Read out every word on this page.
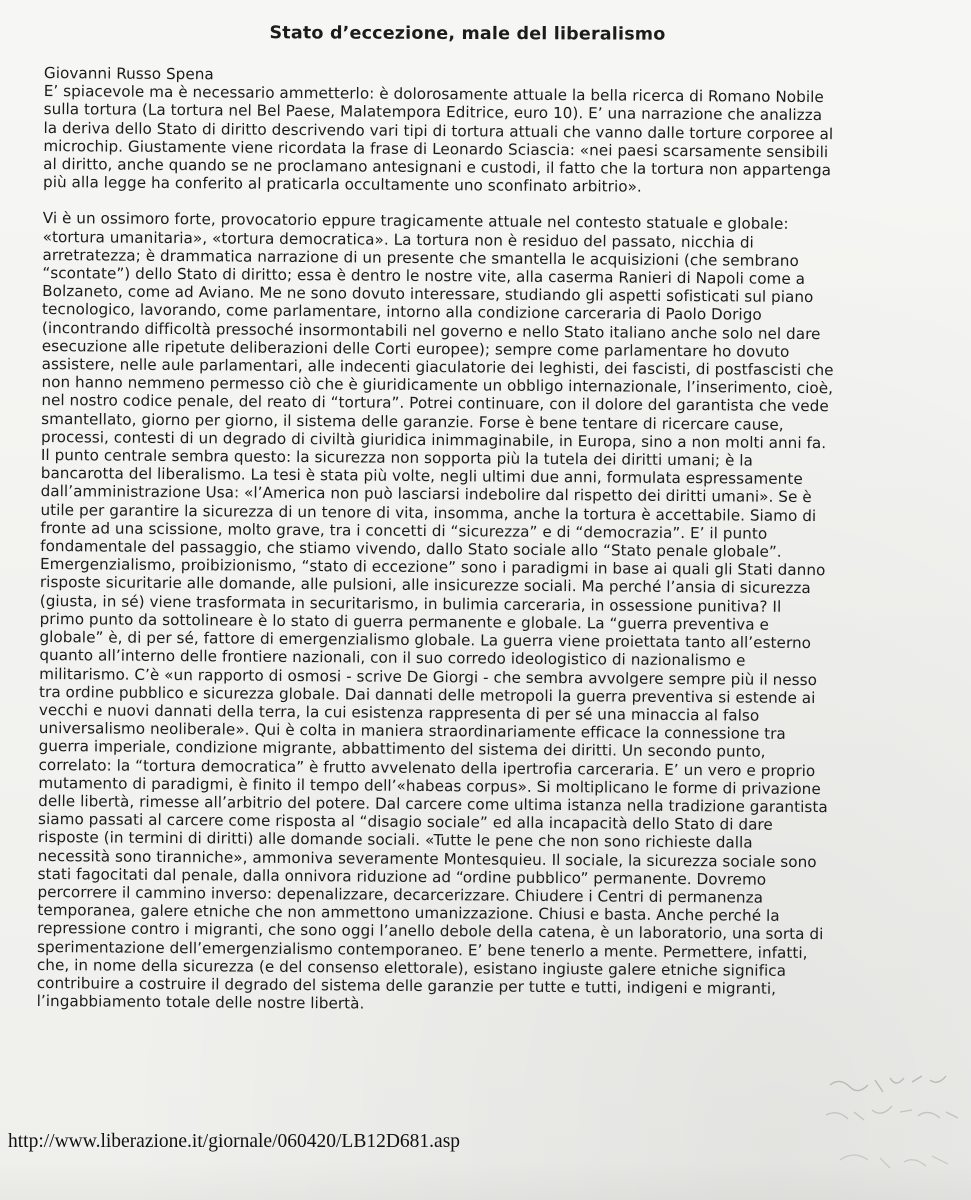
Stato d’eccezione, male del liberalismo
Giovanni Russo Spena
E’ spiacevole ma è necessario ammetterlo: è dolorosamente attuale la bella ricerca di Romano Nobile
sulla tortura (La tortura nel Bel Paese, Malatempora Editrice, euro 10). E’ una narrazione che analizza
la deriva dello Stato di diritto descrivendo vari tipi di tortura attuali che vanno dalle torture corporee al
microchip. Giustamente viene ricordata la frase di Leonardo Sciascia: «nei paesi scarsamente sensibili
al diritto, anche quando se ne proclamano antesignani e custodi, il fatto che la tortura non appartenga
più alla legge ha conferito al praticarla occultamente uno sconfinato arbitrio».
Vi è un ossimoro forte, provocatorio eppure tragicamente attuale nel contesto statuale e globale:
«tortura umanitaria», «tortura democratica». La tortura non è residuo del passato, nicchia di
arretratezza; è drammatica narrazione di un presente che smantella le acquisizioni (che sembrano
“scontate”) dello Stato di diritto; essa è dentro le nostre vite, alla caserma Ranieri di Napoli come a
Bolzaneto, come ad Aviano. Me ne sono dovuto interessare, studiando gli aspetti sofisticati sul piano
tecnologico, lavorando, come parlamentare, intorno alla condizione carceraria di Paolo Dorigo
(incontrando difficoltà pressoché insormontabili nel governo e nello Stato italiano anche solo nel dare
esecuzione alle ripetute deliberazioni delle Corti europee); sempre come parlamentare ho dovuto
assistere, nelle aule parlamentari, alle indecenti giaculatorie dei leghisti, dei fascisti, di postfascisti che
non hanno nemmeno permesso ciò che è giuridicamente un obbligo internazionale, l’inserimento, cioè,
nel nostro codice penale, del reato di “tortura”. Potrei continuare, con il dolore del garantista che vede
smantellato, giorno per giorno, il sistema delle garanzie. Forse è bene tentare di ricercare cause,
processi, contesti di un degrado di civiltà giuridica inimmaginabile, in Europa, sino a non molti anni fa.
Il punto centrale sembra questo: la sicurezza non sopporta più la tutela dei diritti umani; è la
bancarotta del liberalismo. La tesi è stata più volte, negli ultimi due anni, formulata espressamente
dall’amministrazione Usa: «l’America non può lasciarsi indebolire dal rispetto dei diritti umani». Se è
utile per garantire la sicurezza di un tenore di vita, insomma, anche la tortura è accettabile. Siamo di
fronte ad una scissione, molto grave, tra i concetti di “sicurezza” e di “democrazia”. E’ il punto
fondamentale del passaggio, che stiamo vivendo, dallo Stato sociale allo “Stato penale globale”.
Emergenzialismo, proibizionismo, “stato di eccezione” sono i paradigmi in base ai quali gli Stati danno
risposte sicuritarie alle domande, alle pulsioni, alle insicurezze sociali. Ma perché l’ansia di sicurezza
(giusta, in sé) viene trasformata in securitarismo, in bulimia carceraria, in ossessione punitiva? Il
primo punto da sottolineare è lo stato di guerra permanente e globale. La “guerra preventiva e
globale” è, di per sé, fattore di emergenzialismo globale. La guerra viene proiettata tanto all’esterno
quanto all’interno delle frontiere nazionali, con il suo corredo ideologistico di nazionalismo e
militarismo. C’è «un rapporto di osmosi - scrive De Giorgi - che sembra avvolgere sempre più il nesso
tra ordine pubblico e sicurezza globale. Dai dannati delle metropoli la guerra preventiva si estende ai
vecchi e nuovi dannati della terra, la cui esistenza rappresenta di per sé una minaccia al falso
universalismo neoliberale». Qui è colta in maniera straordinariamente efficace la connessione tra
guerra imperiale, condizione migrante, abbattimento del sistema dei diritti. Un secondo punto,
correlato: la “tortura democratica” è frutto avvelenato della ipertrofia carceraria. E’ un vero e proprio
mutamento di paradigmi, è finito il tempo dell’«habeas corpus». Si moltiplicano le forme di privazione
delle libertà, rimesse all’arbitrio del potere. Dal carcere come ultima istanza nella tradizione garantista
siamo passati al carcere come risposta al “disagio sociale” ed alla incapacità dello Stato di dare
risposte (in termini di diritti) alle domande sociali. «Tutte le pene che non sono richieste dalla
necessità sono tiranniche», ammoniva severamente Montesquieu. Il sociale, la sicurezza sociale sono
stati fagocitati dal penale, dalla onnivora riduzione ad “ordine pubblico” permanente. Dovremo
percorrere il cammino inverso: depenalizzare, decarcerizzare. Chiudere i Centri di permanenza
temporanea, galere etniche che non ammettono umanizzazione. Chiusi e basta. Anche perché la
repressione contro i migranti, che sono oggi l’anello debole della catena, è un laboratorio, una sorta di
sperimentazione dell’emergenzialismo contemporaneo. E’ bene tenerlo a mente. Permettere, infatti,
che, in nome della sicurezza (e del consenso elettorale), esistano ingiuste galere etniche significa
contribuire a costruire il degrado del sistema delle garanzie per tutte e tutti, indigeni e migranti,
l’ingabbiamento totale delle nostre libertà.
http://www.liberazione.it/giornale/060420/LB12D681.asp
